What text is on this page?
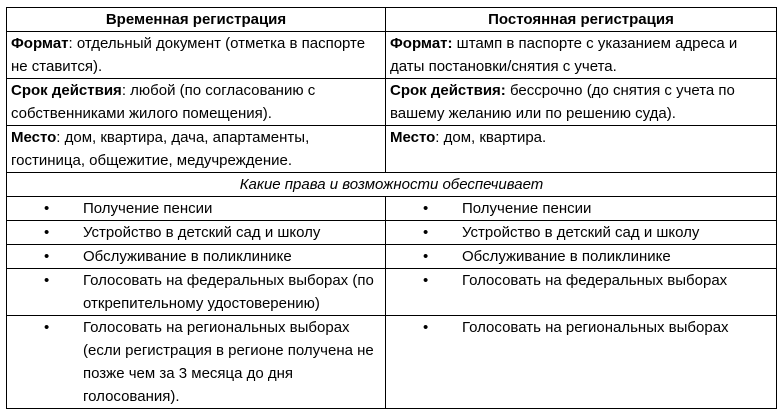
Временная регистрация	Постоянная регистрация
Формат: отдельный документ (отметка в паспорте не ставится).	Формат: штамп в паспорте с указанием адреса и даты постановки/снятия с учета.
Срок действия: любой (по согласованию с собственниками жилого помещения).	Срок действия: бессрочно (до снятия с учета по вашему желанию или по решению суда).
Место: дом, квартира, дача, апартаменты, гостиница, общежитие, медучреждение.	Место: дом, квартира.
Какие права и возможности обеспечивает	

• Получение пенсии	• Получение пенсии

• Устройство в детский сад и школу	• Устройство в детский сад и школу

• Обслуживание в поликлинике	• Обслуживание в поликлинике

• Голосовать на федеральных выборах (по открепительному удостоверению)	• Голосовать на федеральных выборах

• Голосовать на региональных выборах (если регистрация в регионе получена не позже чем за 3 месяца до дня голосования).	• Голосовать на региональных выборах
